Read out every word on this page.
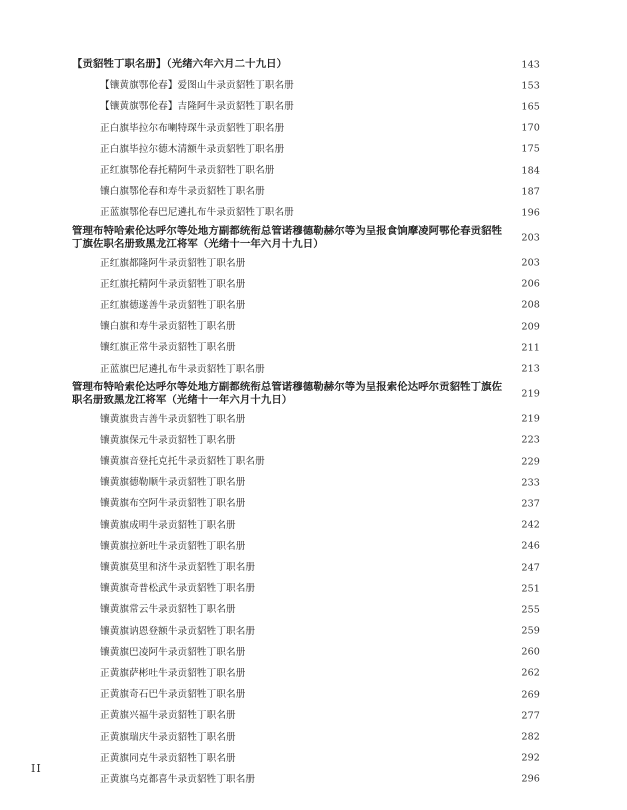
【贡貂牲丁职名册】（光绪六年六月二十九日）	143
【镶黄旗鄂伦春】爱图山牛录贡貂牲丁职名册	153
【镶黄旗鄂伦春】吉隆阿牛录贡貂牲丁职名册	165
正白旗毕拉尔布喇特琛牛录贡貂牲丁职名册	170
正白旗毕拉尔德木清额牛录贡貂牲丁职名册	175
正红旗鄂伦春托精阿牛录贡貂牲丁职名册	184
镶白旗鄂伦春和寿牛录贡貂牲丁职名册	187
正蓝旗鄂伦春巴尼遴扎布牛录贡貂牲丁职名册	196
管理布特哈索伦达呼尔等处地方副都统衔总管诺穆德勒赫尔等为呈报食饷摩凌阿鄂伦春贡貂牲丁旗佐职名册致黑龙江将军（光绪十一年六月十九日）	203
正红旗都隆阿牛录贡貂牲丁职名册	203
正红旗托精阿牛录贡貂牲丁职名册	206
正红旗德遂善牛录贡貂牲丁职名册	208
镶白旗和寿牛录贡貂牲丁职名册	209
镶红旗正常牛录贡貂牲丁职名册	211
正蓝旗巴尼遴扎布牛录贡貂牲丁职名册	213
管理布特哈索伦达呼尔等处地方副都统衔总管诺穆德勒赫尔等为呈报索伦达呼尔贡貂牲丁旗佐职名册致黑龙江将军（光绪十一年六月十九日）	219
镶黄旗贵吉善牛录贡貂牲丁职名册	219
镶黄旗保元牛录贡貂牲丁职名册	223
镶黄旗音登托克托牛录贡貂牲丁职名册	229
镶黄旗德勒顺牛录贡貂牲丁职名册	233
镶黄旗布空阿牛录贡貂牲丁职名册	237
镶黄旗成明牛录贡貂牲丁职名册	242
镶黄旗拉新吐牛录贡貂牲丁职名册	246
镶黄旗莫里和济牛录贡貂牲丁职名册	247
镶黄旗奇普松武牛录贡貂牲丁职名册	251
镶黄旗常云牛录贡貂牲丁职名册	255
镶黄旗讷恩登额牛录贡貂牲丁职名册	259
镶黄旗巴凌阿牛录贡貂牲丁职名册	260
正黄旗萨彬吐牛录贡貂牲丁职名册	262
正黄旗奇石巴牛录贡貂牲丁职名册	269
正黄旗兴福牛录贡貂牲丁职名册	277
正黄旗瑞庆牛录贡貂牲丁职名册	282
正黄旗同克牛录贡貂牲丁职名册	292
正黄旗乌克都喜牛录贡貂牲丁职名册	296
II
